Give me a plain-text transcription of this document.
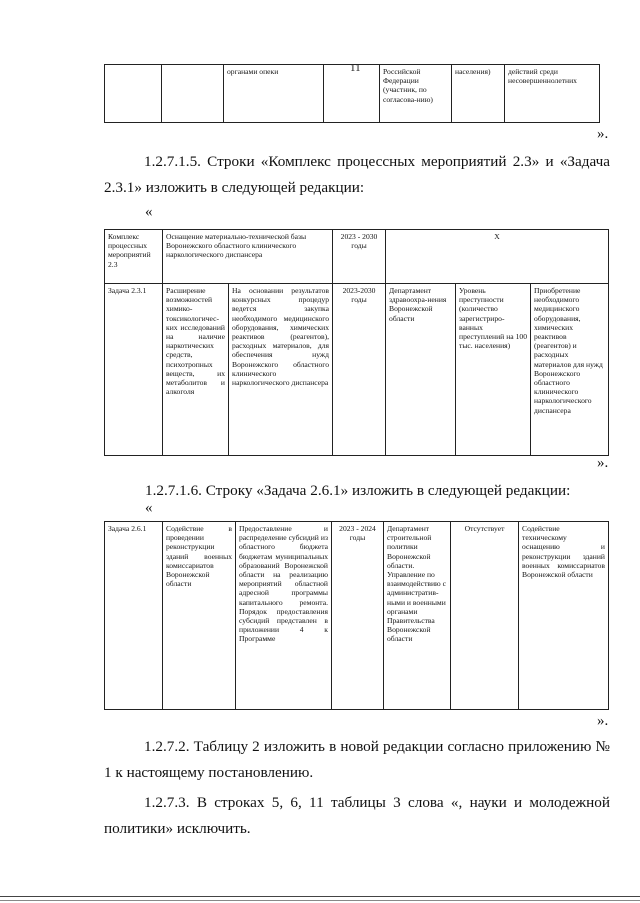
11
		органами опеки		Российской Федерации (участник, по согласова-нию)	населения)	действий среди несовершеннолетних
».
1.2.7.1.5. Строки «Комплекс процессных мероприятий 2.3» и «Задача 2.3.1» изложить в следующей редакции:
«
Комплекс процессных мероприятий 2.3	Оснащение материально-технической базы Воронежского областного клинического наркологического диспансера		2023 - 2030 годы	X		
Задача 2.3.1	Расширение возможностей химико-токсикологичес-ких исследований на наличие наркотических средств, психотропных веществ, их метаболитов и алкоголя	На основании результатов конкурсных процедур ведется закупка необходимого медицинского оборудования, химических реактивов (реагентов), расходных материалов, для обеспечения нужд Воронежского областного клинического наркологического диспансера	2023-2030 годы	Департамент здравоохра-нения Воронежской области	Уровень преступности (количество зарегистриро-ванных преступлений на 100 тыс. населения)	Приобретение необходимого медицинского оборудования, химических реактивов (реагентов) и расходных материалов для нужд Воронежского областного клинического наркологического диспансера
».
1.2.7.1.6. Строку «Задача 2.6.1» изложить в следующей редакции:
«
Задача 2.6.1	Содействие в проведении реконструкции зданий военных комиссариатов Воронежской области	Предоставление и распределение субсидий из областного бюджета бюджетам муниципальных образований Воронежской области на реализацию мероприятий областной адресной программы капитального ремонта. Порядок предоставления субсидий представлен в приложении 4 к Программе	2023 - 2024 годы	Департамент строительной политики Воронежской области. Управление по взаимодействию с административ-ными и военными органами Правительства Воронежской области	Отсутствует	Содействие техническому оснащению и реконструкции зданий военных комиссариатов Воронежской области
».
1.2.7.2. Таблицу 2 изложить в новой редакции согласно приложению № 1 к настоящему постановлению.
1.2.7.3. В строках 5, 6, 11 таблицы 3 слова «, науки и молодежной политики» исключить.
